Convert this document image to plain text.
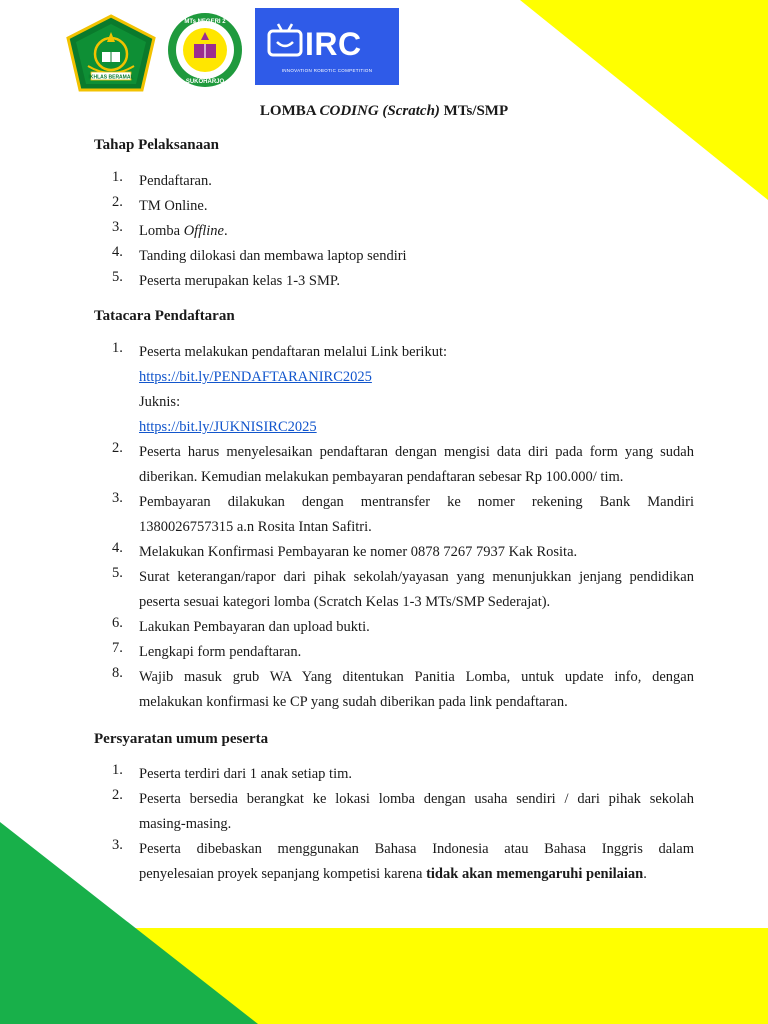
IKHLAS BERAMAL
MTs NEGERI 2
SUKOHARJO
IRC
INNOVATION ROBOTIC COMPETITION
LOMBA CODING (Scratch) MTs/SMP
Tahap Pelaksanaan
1. Pendaftaran.
2. TM Online.
3. Lomba Offline.
4. Tanding dilokasi dan membawa laptop sendiri
5. Peserta merupakan kelas 1-3 SMP.
Tatacara Pendaftaran
1. Peserta melakukan pendaftaran melalui Link berikut:
https://bit.ly/PENDAFTARANIRC2025
Juknis:
https://bit.ly/JUKNISIRC2025
2. Peserta harus menyelesaikan pendaftaran dengan mengisi data diri pada form yang sudah
diberikan. Kemudian melakukan pembayaran pendaftaran sebesar Rp 100.000/ tim.
3. Pembayaran dilakukan dengan mentransfer ke nomer rekening Bank Mandiri
1380026757315 a.n Rosita Intan Safitri.
4. Melakukan Konfirmasi Pembayaran ke nomer 0878 7267 7937 Kak Rosita.
5. Surat keterangan/rapor dari pihak sekolah/yayasan yang menunjukkan jenjang pendidikan
peserta sesuai kategori lomba (Scratch Kelas 1-3 MTs/SMP Sederajat).
6. Lakukan Pembayaran dan upload bukti.
7. Lengkapi form pendaftaran.
8. Wajib masuk grub WA Yang ditentukan Panitia Lomba, untuk update info, dengan
melakukan konfirmasi ke CP yang sudah diberikan pada link pendaftaran.
Persyaratan umum peserta
1. Peserta terdiri dari 1 anak setiap tim.
2. Peserta bersedia berangkat ke lokasi lomba dengan usaha sendiri / dari pihak sekolah
masing-masing.
3. Peserta dibebaskan menggunakan Bahasa Indonesia atau Bahasa Inggris dalam
penyelesaian proyek sepanjang kompetisi karena tidak akan memengaruhi penilaian.
